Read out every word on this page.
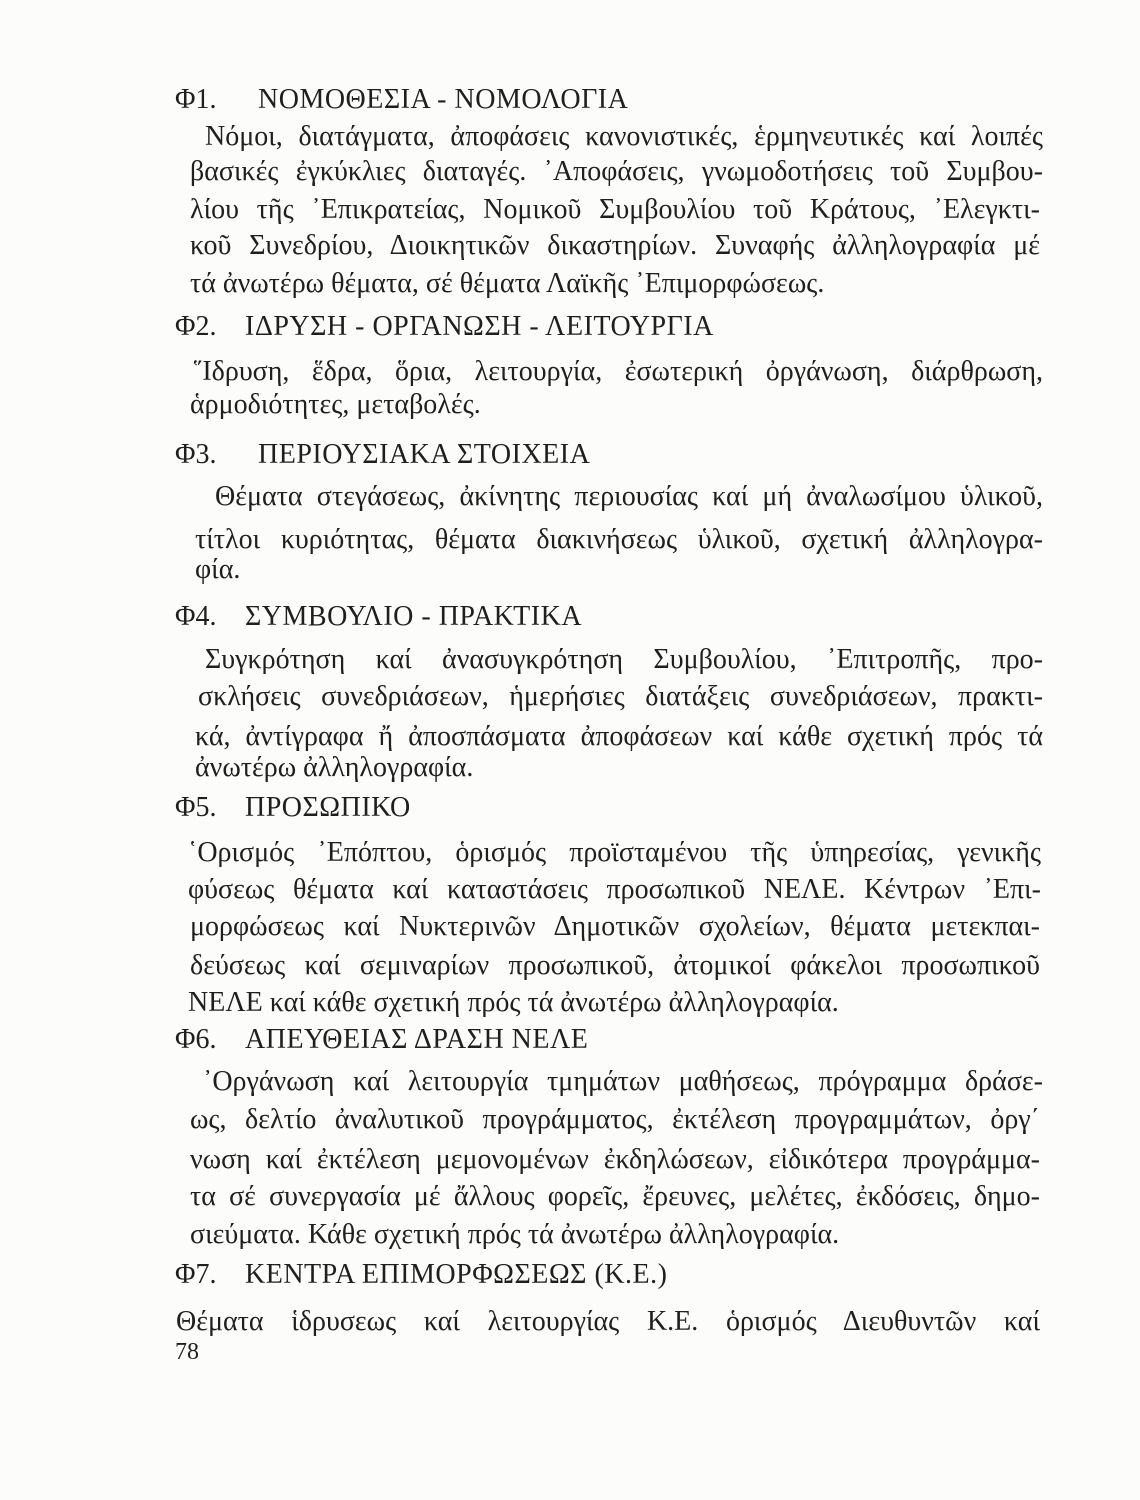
Φ1. ΝΟΜΟΘΕΣΙΑ - ΝΟΜΟΛΟΓΙΑ
Νόμοι, διατάγματα, ἀποφάσεις κανονιστικές, ἑρμηνευτικές καί λοιπές
βασικές ἐγκύκλιες διαταγές. ᾿Αποφάσεις, γνωμοδοτήσεις τοῦ Συμβου-
λίου τῆς ᾿Επικρατείας, Νομικοῦ Συμβουλίου τοῦ Κράτους, ᾿Ελεγκτι-
κοῦ Συνεδρίου, Διοικητικῶν δικαστηρίων. Συναφής ἀλληλογραφία μέ
τά ἀνωτέρω θέματα, σέ θέματα Λαϊκῆς ᾿Επιμορφώσεως.
Φ2. ΙΔΡΥΣΗ - ΟΡΓΑΝΩΣΗ - ΛΕΙΤΟΥΡΓΙΑ
῞Ιδρυση, ἕδρα, ὅρια, λειτουργία, ἐσωτερική ὀργάνωση, διάρθρωση,
ἁρμοδιότητες, μεταβολές.
Φ3. ΠΕΡΙΟΥΣΙΑΚΑ ΣΤΟΙΧΕΙΑ
Θέματα στεγάσεως, ἀκίνητης περιουσίας καί μή ἀναλωσίμου ὑλικοῦ,
τίτλοι κυριότητας, θέματα διακινήσεως ὑλικοῦ, σχετική ἀλληλογρα-
φία.
Φ4. ΣΥΜΒΟΥΛΙΟ - ΠΡΑΚΤΙΚΑ
Συγκρότηση καί ἀνασυγκρότηση Συμβουλίου, ᾿Επιτροπῆς, προ-
σκλήσεις συνεδριάσεων, ἡμερήσιες διατάξεις συνεδριάσεων, πρακτι-
κά, ἀντίγραφα ἤ ἀποσπάσματα ἀποφάσεων καί κάθε σχετική πρός τά
ἀνωτέρω ἀλληλογραφία.
Φ5. ΠΡΟΣΩΠΙΚΟ
῾Ορισμός ᾿Επόπτου, ὁρισμός προϊσταμένου τῆς ὑπηρεσίας, γενικῆς
φύσεως θέματα καί καταστάσεις προσωπικοῦ ΝΕΛΕ. Κέντρων ᾿Επι-
μορφώσεως καί Νυκτερινῶν Δημοτικῶν σχολείων, θέματα μετεκπαι-
δεύσεως καί σεμιναρίων προσωπικοῦ, ἀτομικοί φάκελοι προσωπικοῦ
ΝΕΛΕ καί κάθε σχετική πρός τά ἀνωτέρω ἀλληλογραφία.
Φ6. ΑΠΕΥΘΕΙΑΣ ΔΡΑΣΗ ΝΕΛΕ
᾿Οργάνωση καί λειτουργία τμημάτων μαθήσεως, πρόγραμμα δράσε-
ως, δελτίο ἀναλυτικοῦ προγράμματος, ἐκτέλεση προγραμμάτων, ὀργ΄
νωση καί ἐκτέλεση μεμονομένων ἐκδηλώσεων, εἰδικότερα προγράμμα-
τα σέ συνεργασία μέ ἄλλους φορεῖς, ἔρευνες, μελέτες, ἐκδόσεις, δημο-
σιεύματα. Κάθε σχετική πρός τά ἀνωτέρω ἀλληλογραφία.
Φ7. ΚΕΝΤΡΑ ΕΠΙΜΟΡΦΩΣΕΩΣ (Κ.Ε.)
Θέματα ἱδρυσεως καί λειτουργίας Κ.Ε. ὁρισμός Διευθυντῶν καί
78
